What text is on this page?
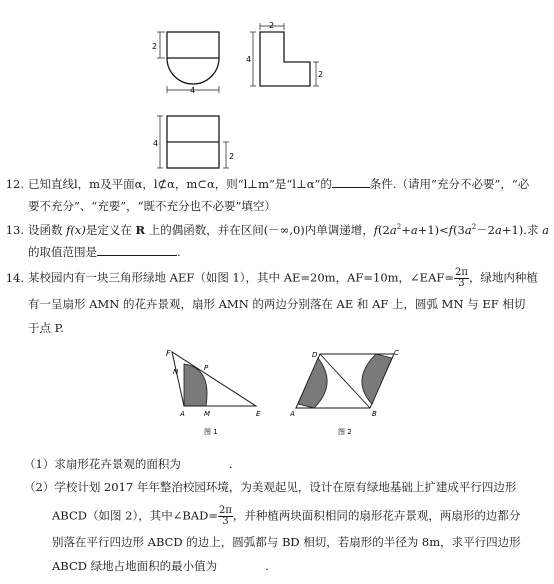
2
4
2
4
2
4
2
12. 已知直线l，m及平面α，l⊄α，m⊂α，则“l⊥m”是“l⊥α”的	条件.（请用“充分不必要”，“必
要不充分”、“充要”，“既不充分也不必要”填空）
13. 设函数 f(x)是定义在 R 上的偶函数，并在区间(－∞,0)内单调递增，$f(2a^2+a+1)<f(3a^2-2a+1)$.求 a
的取值范围是	.
14. 某校园内有一块三角形绿地 AEF（如图 1），其中 AE=20m，AF=10m，∠EAF= $\frac{2\pi}{3}$ ，绿地内种植
有一呈扇形 AMN 的花卉景观，扇形 AMN 的两边分别落在 AE 和 AF 上，圆弧 MN 与 EF 相切
于点 P.
F
N	P
A	M	E
图 1
D	C
A	B
图 2
（1）求扇形花卉景观的面积为	.
（2）学校计划 2017 年年整治校园环境，为美观起见，设计在原有绿地基础上扩建成平行四边形
ABCD（如图 2），其中∠BAD= $\frac{2\pi}{3}$ ，并种植两块面积相同的扇形花卉景观，两扇形的边都分
别落在平行四边形 ABCD 的边上，圆弧都与 BD 相切，若扇形的半径为 8m，求平行四边形
ABCD 绿地占地面积的最小值为	.
